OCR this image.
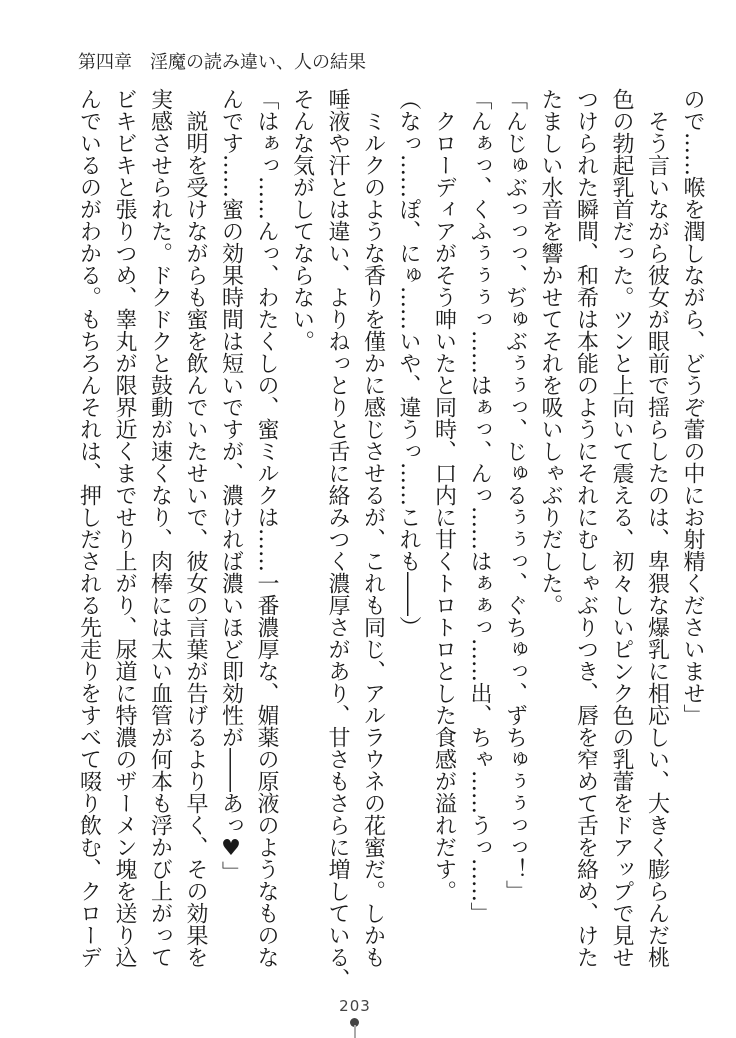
第四章　淫魔の読み違い、人の結果
ので……喉を潤しながら、どうぞ蕾の中にお射精くださいませ」
　そう言いながら彼女が眼前で揺らしたのは、卑猥な爆乳に相応しい、大きく膨らんだ桃
色の勃起乳首だった。ツンと上向いて震える、初々しいピンク色の乳蕾をドアップで見せ
つけられた瞬間、和希は本能のようにそれにむしゃぶりつき、唇を窄めて舌を絡め、けた
たましい水音を響かせてそれを吸いしゃぶりだした。
「んじゅぶっっっ、ぢゅぶぅぅっ、じゅるぅぅっ、ぐちゅっ、ずちゅぅぅっっ！」
「んぁっ、くふぅぅぅっ……はぁっ、んっ……はぁぁっ……出、ちゃ……うっ……」
　クローディアがそう呻いたと同時、口内に甘くトロトロとした食感が溢れだす。
（なっ……ぽ、にゅ……いや、違うっ……これも――）
　ミルクのような香りを僅かに感じさせるが、これも同じ、アルラウネの花蜜だ。しかも
唾液や汗とは違い、よりねっとりと舌に絡みつく濃厚さがあり、甘さもさらに増している、
そんな気がしてならない。
「はぁっ……んっ、わたくしの、蜜ミルクは……一番濃厚な、媚薬の原液のようなものな
んです……蜜の効果時間は短いですが、濃ければ濃いほど即効性が――あっ♥」
　説明を受けながらも蜜を飲んでいたせいで、彼女の言葉が告げるより早く、その効果を
実感させられた。ドクドクと鼓動が速くなり、肉棒には太い血管が何本も浮かび上がって
ビキビキと張りつめ、睾丸が限界近くまでせり上がり、尿道に特濃のザーメン塊を送り込
んでいるのがわかる。もちろんそれは、押しだされる先走りをすべて啜り飲む、クローデ
203
